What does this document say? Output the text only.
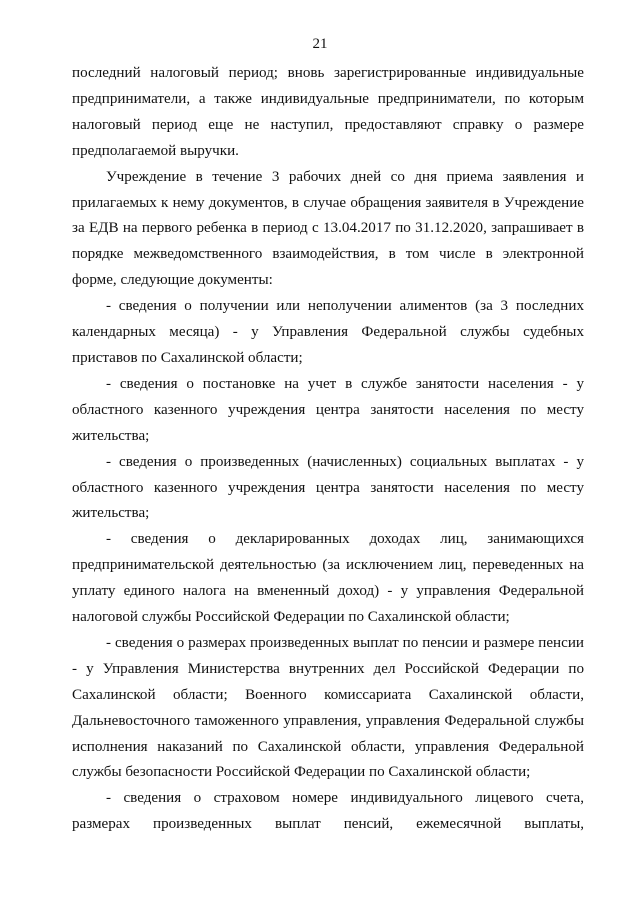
21
последний налоговый период; вновь зарегистрированные индивидуальные
предприниматели, а также индивидуальные предприниматели, по которым
налоговый период еще не наступил, предоставляют справку о размере
предполагаемой выручки.
Учреждение в течение 3 рабочих дней со дня приема заявления и
прилагаемых к нему документов, в случае обращения заявителя в Учреждение
за ЕДВ на первого ребенка в период с 13.04.2017 по 31.12.2020, запрашивает в
порядке межведомственного взаимодействия, в том числе в электронной
форме, следующие документы:
- сведения о получении или неполучении алиментов (за 3 последних
календарных месяца) - у Управления Федеральной службы судебных
приставов по Сахалинской области;
- сведения о постановке на учет в службе занятости населения - у
областного казенного учреждения центра занятости населения по месту
жительства;
- сведения о произведенных (начисленных) социальных выплатах - у
областного казенного учреждения центра занятости населения по месту
жительства;
- сведения о декларированных доходах лиц, занимающихся
предпринимательской деятельностью (за исключением лиц, переведенных на
уплату единого налога на вмененный доход) - у управления Федеральной
налоговой службы Российской Федерации по Сахалинской области;
- сведения о размерах произведенных выплат по пенсии и размере пенсии
- у Управления Министерства внутренних дел Российской Федерации по
Сахалинской области; Военного комиссариата Сахалинской области,
Дальневосточного таможенного управления, управления Федеральной службы
исполнения наказаний по Сахалинской области, управления Федеральной
службы безопасности Российской Федерации по Сахалинской области;
- сведения о страховом номере индивидуального лицевого счета,
размерах произведенных выплат пенсий, ежемесячной выплаты,
